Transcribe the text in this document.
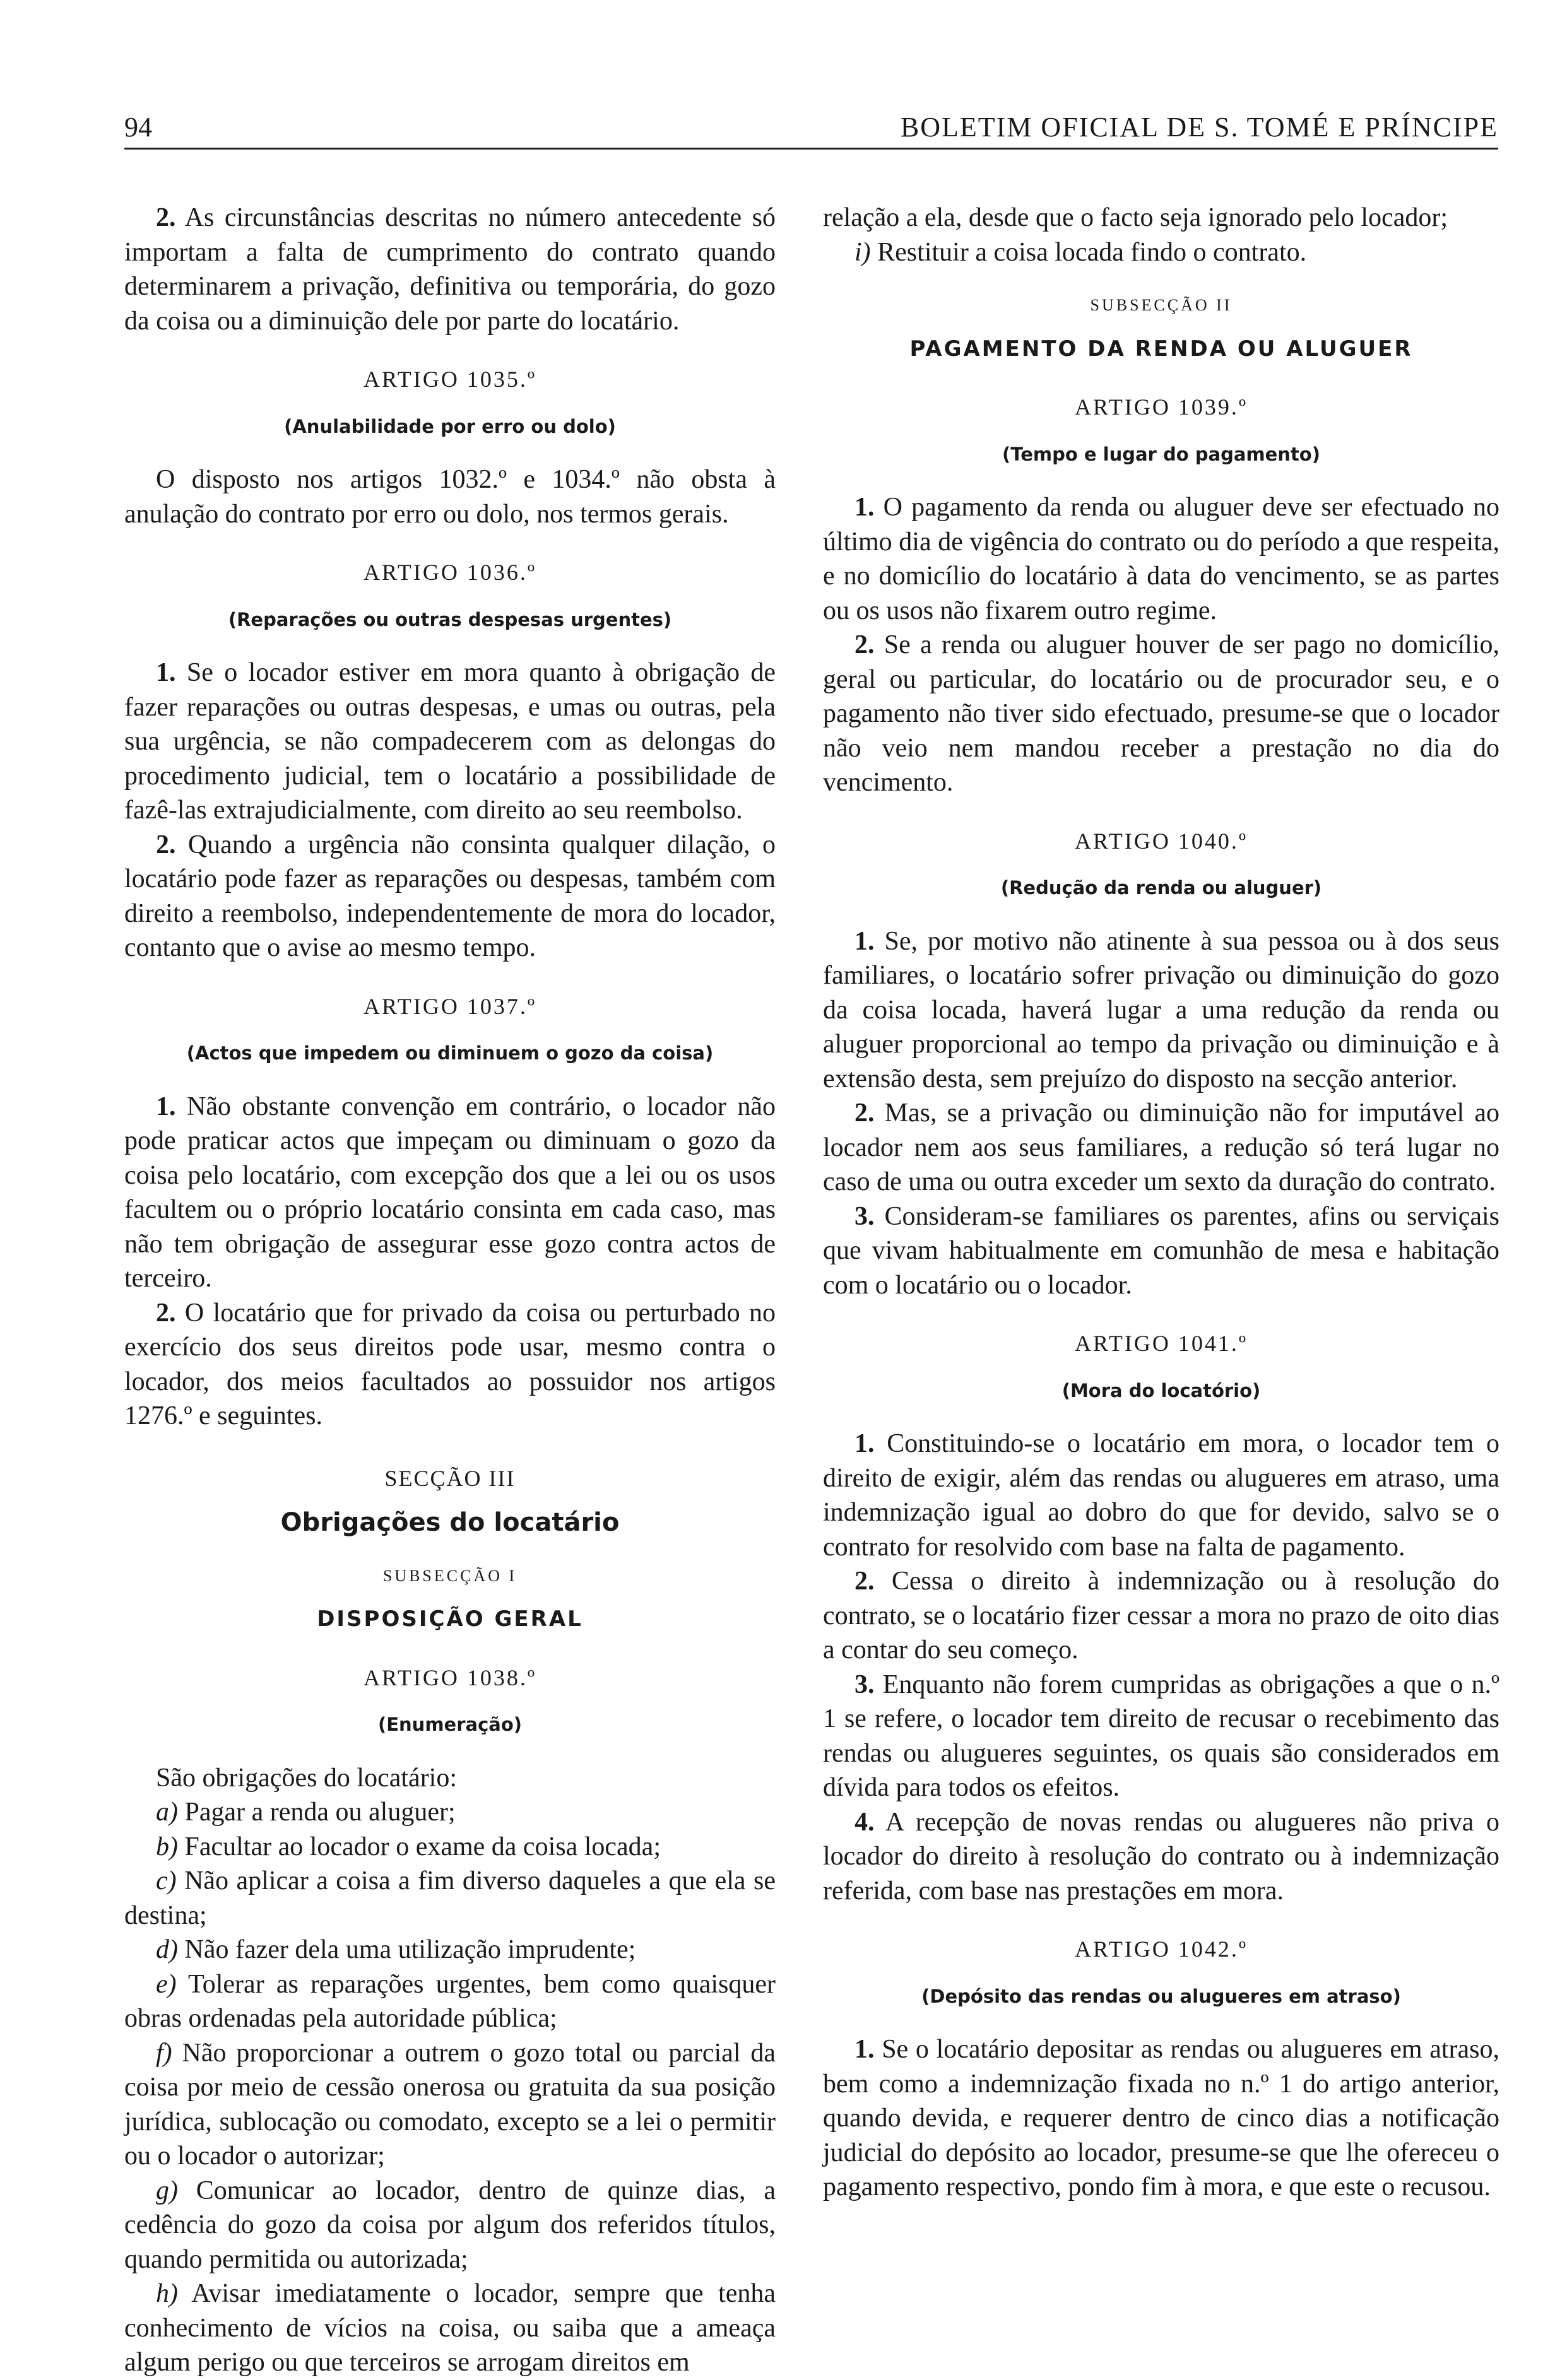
94	BOLETIM OFICIAL DE S. TOMÉ E PRÍNCIPE

2. As circunstâncias descritas no número antecedente só importam a falta de cumprimento do contrato quando determinarem a privação, definitiva ou temporária, do gozo da coisa ou a diminuição dele por parte do locatário.

ARTIGO 1035.º
(Anulabilidade por erro ou dolo)

O disposto nos artigos 1032.º e 1034.º não obsta à anulação do contrato por erro ou dolo, nos termos gerais.

ARTIGO 1036.º
(Reparações ou outras despesas urgentes)

1. Se o locador estiver em mora quanto à obrigação de fazer reparações ou outras despesas, e umas ou outras, pela sua urgência, se não compadecerem com as delongas do procedimento judicial, tem o locatário a possibilidade de fazê-las extrajudicialmente, com direito ao seu reembolso.

2. Quando a urgência não consinta qualquer dilação, o locatário pode fazer as reparações ou despesas, também com direito a reembolso, independentemente de mora do locador, contanto que o avise ao mesmo tempo.

ARTIGO 1037.º
(Actos que impedem ou diminuem o gozo da coisa)

1. Não obstante convenção em contrário, o locador não pode praticar actos que impeçam ou diminuam o gozo da coisa pelo locatário, com excepção dos que a lei ou os usos facultem ou o próprio locatário consinta em cada caso, mas não tem obrigação de assegurar esse gozo contra actos de terceiro.

2. O locatário que for privado da coisa ou perturbado no exercício dos seus direitos pode usar, mesmo contra o locador, dos meios facultados ao possuidor nos artigos 1276.º e seguintes.

SECÇÃO III
Obrigações do locatário
SUBSECÇÃO I
DISPOSIÇÃO GERAL
ARTIGO 1038.º
(Enumeração)

São obrigações do locatário:

a) Pagar a renda ou aluguer;

b) Facultar ao locador o exame da coisa locada;

c) Não aplicar a coisa a fim diverso daqueles a que ela se destina;

d) Não fazer dela uma utilização imprudente;

e) Tolerar as reparações urgentes, bem como quaisquer obras ordenadas pela autoridade pública;

f) Não proporcionar a outrem o gozo total ou parcial da coisa por meio de cessão onerosa ou gratuita da sua posição jurídica, sublocação ou comodato, excepto se a lei o permitir ou o locador o autorizar;

g) Comunicar ao locador, dentro de quinze dias, a cedência do gozo da coisa por algum dos referidos títulos, quando permitida ou autorizada;

h) Avisar imediatamente o locador, sempre que tenha conhecimento de vícios na coisa, ou saiba que a ameaça algum perigo ou que terceiros se arrogam direitos em

relação a ela, desde que o facto seja ignorado pelo locador;

i) Restituir a coisa locada findo o contrato.

SUBSECÇÃO II
PAGAMENTO DA RENDA OU ALUGUER
ARTIGO 1039.º
(Tempo e lugar do pagamento)

1. O pagamento da renda ou aluguer deve ser efectuado no último dia de vigência do contrato ou do período a que respeita, e no domicílio do locatário à data do vencimento, se as partes ou os usos não fixarem outro regime.

2. Se a renda ou aluguer houver de ser pago no domicílio, geral ou particular, do locatário ou de procurador seu, e o pagamento não tiver sido efectuado, presume-se que o locador não veio nem mandou receber a prestação no dia do vencimento.

ARTIGO 1040.º
(Redução da renda ou aluguer)

1. Se, por motivo não atinente à sua pessoa ou à dos seus familiares, o locatário sofrer privação ou diminuição do gozo da coisa locada, haverá lugar a uma redução da renda ou aluguer proporcional ao tempo da privação ou diminuição e à extensão desta, sem prejuízo do disposto na secção anterior.

2. Mas, se a privação ou diminuição não for imputável ao locador nem aos seus familiares, a redução só terá lugar no caso de uma ou outra exceder um sexto da duração do contrato.

3. Consideram-se familiares os parentes, afins ou serviçais que vivam habitualmente em comunhão de mesa e habitação com o locatário ou o locador.

ARTIGO 1041.º
(Mora do locatório)

1. Constituindo-se o locatário em mora, o locador tem o direito de exigir, além das rendas ou alugueres em atraso, uma indemnização igual ao dobro do que for devido, salvo se o contrato for resolvido com base na falta de pagamento.

2. Cessa o direito à indemnização ou à resolução do contrato, se o locatário fizer cessar a mora no prazo de oito dias a contar do seu começo.

3. Enquanto não forem cumpridas as obrigações a que o n.º 1 se refere, o locador tem direito de recusar o recebimento das rendas ou alugueres seguintes, os quais são considerados em dívida para todos os efeitos.

4. A recepção de novas rendas ou alugueres não priva o locador do direito à resolução do contrato ou à indemnização referida, com base nas prestações em mora.

ARTIGO 1042.º
(Depósito das rendas ou alugueres em atraso)

1. Se o locatário depositar as rendas ou alugueres em atraso, bem como a indemnização fixada no n.º 1 do artigo anterior, quando devida, e requerer dentro de cinco dias a notificação judicial do depósito ao locador, presume-se que lhe ofereceu o pagamento respectivo, pondo fim à mora, e que este o recusou.
